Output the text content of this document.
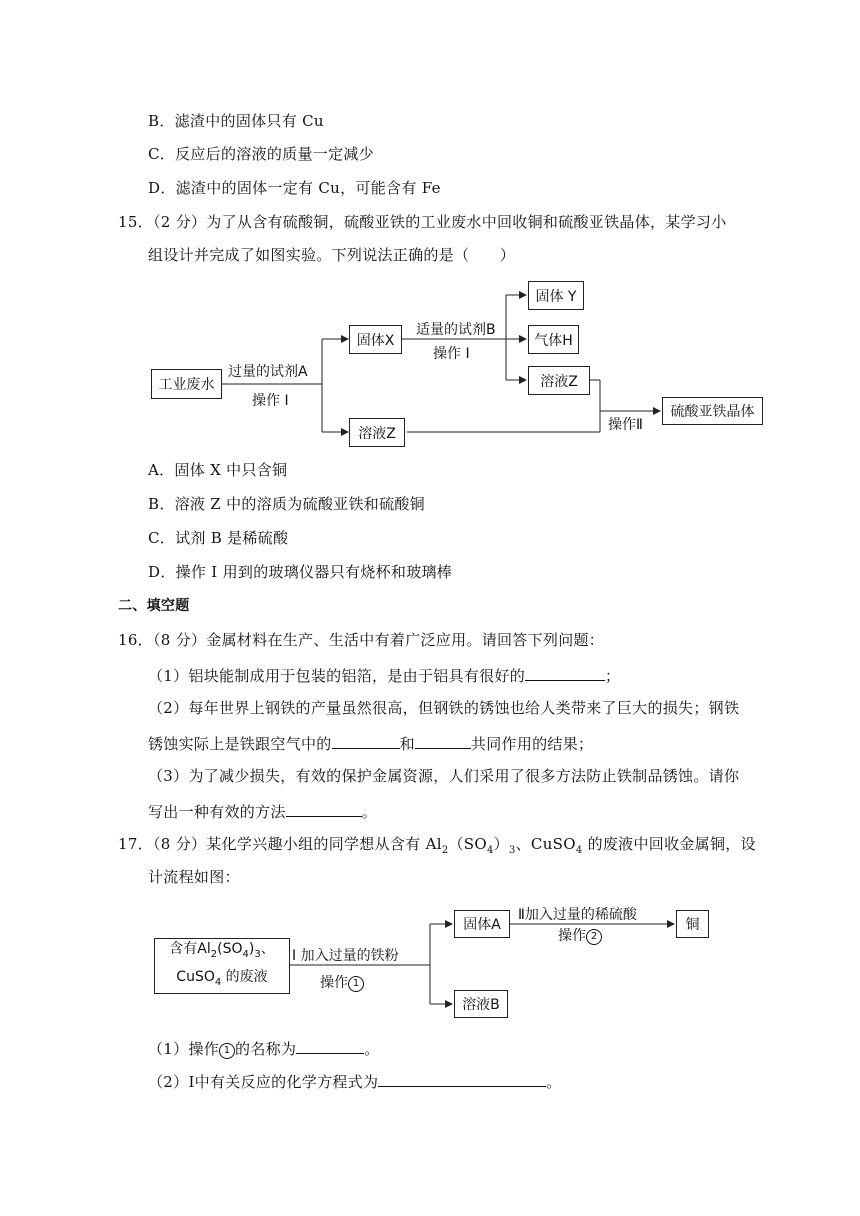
B．滤渣中的固体只有 Cu
C．反应后的溶液的质量一定减少
D．滤渣中的固体一定有 Cu，可能含有 Fe
15．（2 分）为了从含有硫酸铜，硫酸亚铁的工业废水中回收铜和硫酸亚铁晶体，某学习小
组设计并完成了如图实验。下列说法正确的是（　　）
工业废水
过量的试剂A
操作 I
固体X
溶液Z
适量的试剂B
操作 I
固体 Y
气体H
溶液Z
操作Ⅱ
硫酸亚铁晶体
A．固体 X 中只含铜
B．溶液 Z 中的溶质为硫酸亚铁和硫酸铜
C．试剂 B 是稀硫酸
D．操作 I 用到的玻璃仪器只有烧杯和玻璃棒
二、填空题
16．（8 分）金属材料在生产、生活中有着广泛应用。请回答下列问题：
（1）铝块能制成用于包装的铝箔，是由于铝具有很好的	；
（2）每年世界上钢铁的产量虽然很高，但钢铁的锈蚀也给人类带来了巨大的损失；钢铁
锈蚀实际上是铁跟空气中的	和	共同作用的结果；
（3）为了减少损失，有效的保护金属资源，人们采用了很多方法防止铁制品锈蚀。请你
写出一种有效的方法	。
17．（8 分）某化学兴趣小组的同学想从含有 $Al_2(SO_4)_3$、CuSO$_4$ 的废液中回收金属铜，设
计流程如图：
含有$Al_2(SO_4)_3$、
CuSO$_4$ 的废液
I 加入过量的铁粉
操作 1
固体A
Ⅱ加入过量的稀硫酸
操作 2
铜
溶液B
（1）操作 1 的名称为	。
（2）Ⅰ中有关反应的化学方程式为	。
